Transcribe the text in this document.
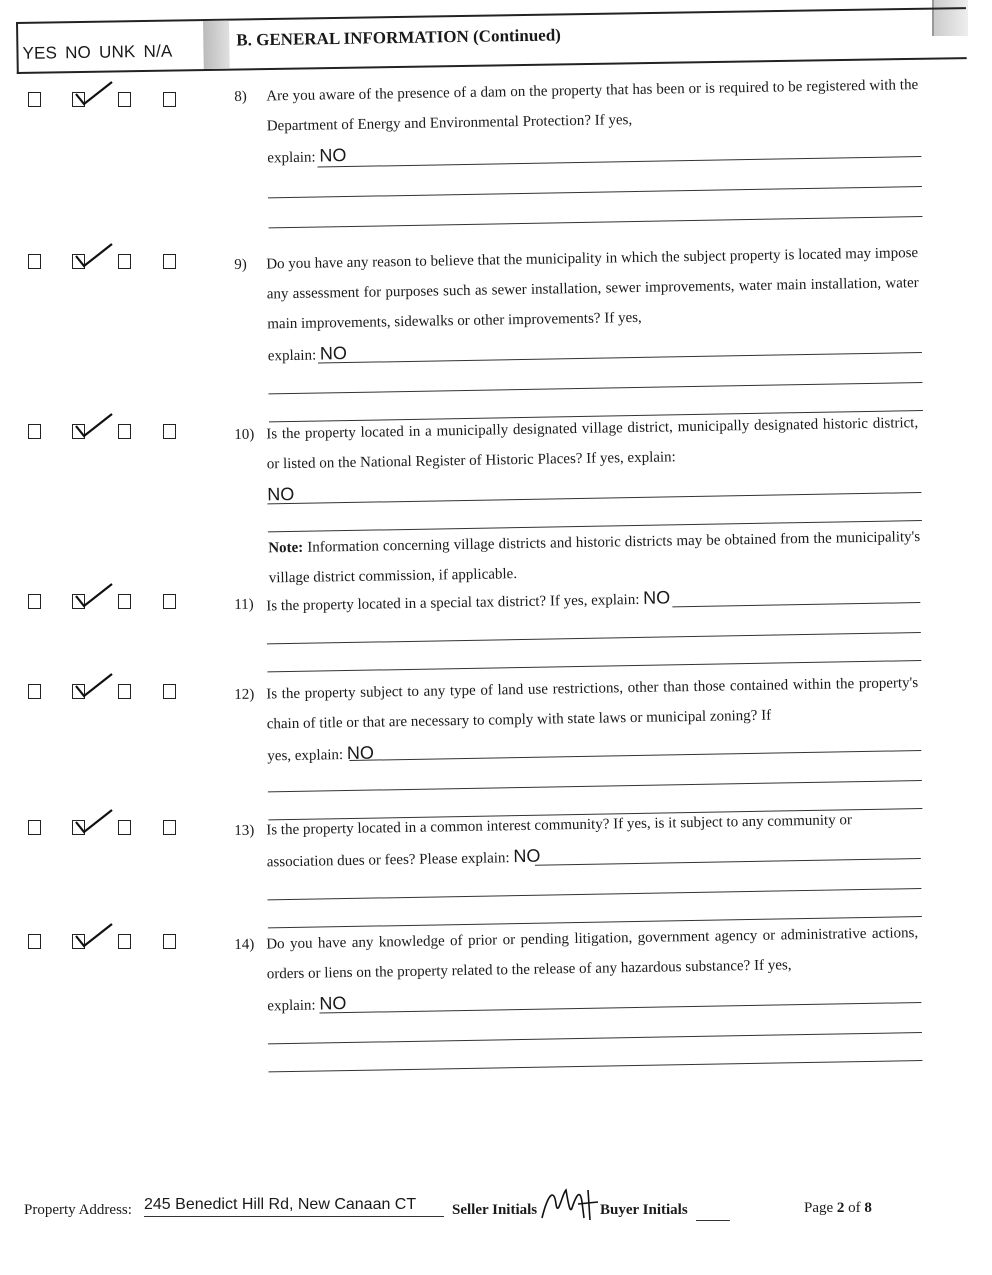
YES NO UNK N/A
B. GENERAL INFORMATION (Continued)
8) Are you aware of the presence of a dam on the property that has been or is required to be registered with the Department of Energy and Environmental Protection? If yes,
explain: NO
9) Do you have any reason to believe that the municipality in which the subject property is located may impose any assessment for purposes such as sewer installation, sewer improvements, water main installation, water main improvements, sidewalks or other improvements? If yes,
explain: NO
10) Is the property located in a municipally designated village district, municipally designated historic district, or listed on the National Register of Historic Places? If yes, explain:
NO
Note: Information concerning village districts and historic districts may be obtained from the municipality's village district commission, if applicable.
11) Is the property located in a special tax district? If yes, explain: NO
12) Is the property subject to any type of land use restrictions, other than those contained within the property's chain of title or that are necessary to comply with state laws or municipal zoning? If
yes, explain: NO
13) Is the property located in a common interest community? If yes, is it subject to any community or
association dues or fees? Please explain: NO
14) Do you have any knowledge of prior or pending litigation, government agency or administrative actions, orders or liens on the property related to the release of any hazardous substance? If yes,
explain: NO
Property Address: 245 Benedict Hill Rd, New Canaan CT	Seller Initials	Buyer Initials	Page 2 of 8
